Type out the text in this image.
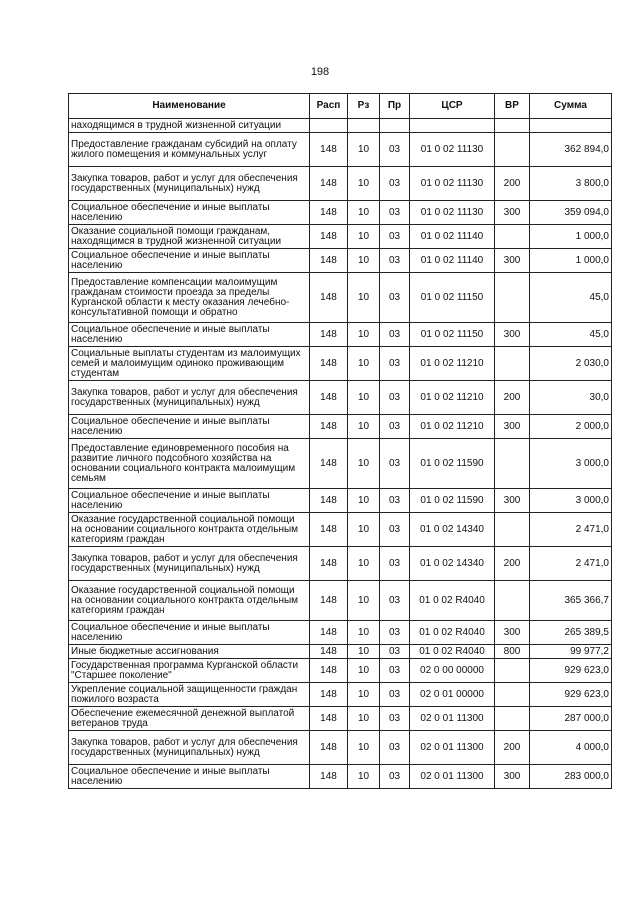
198
Наименование	Расп	Рз	Пр	ЦСР	ВР	Сумма
находящимся в трудной жизненной ситуации						
Предоставление гражданам субсидий на оплату жилого помещения и коммунальных услуг	148	10	03	01 0 02 11130		362 894,0
Закупка товаров, работ и услуг для обеспечения государственных (муниципальных) нужд	148	10	03	01 0 02 11130	200	3 800,0
Социальное обеспечение и иные выплаты населению	148	10	03	01 0 02 11130	300	359 094,0
Оказание социальной помощи гражданам, находящимся в трудной жизненной ситуации	148	10	03	01 0 02 11140		1 000,0
Социальное обеспечение и иные выплаты населению	148	10	03	01 0 02 11140	300	1 000,0
Предоставление компенсации малоимущим гражданам стоимости проезда за пределы Курганской области к месту оказания лечебно-консультативной помощи и обратно	148	10	03	01 0 02 11150		45,0
Социальное обеспечение и иные выплаты населению	148	10	03	01 0 02 11150	300	45,0
Социальные выплаты студентам из малоимущих семей и малоимущим одиноко проживающим студентам	148	10	03	01 0 02 11210		2 030,0
Закупка товаров, работ и услуг для обеспечения государственных (муниципальных) нужд	148	10	03	01 0 02 11210	200	30,0
Социальное обеспечение и иные выплаты населению	148	10	03	01 0 02 11210	300	2 000,0
Предоставление единовременного пособия на развитие личного подсобного хозяйства на основании социального контракта малоимущим семьям	148	10	03	01 0 02 11590		3 000,0
Социальное обеспечение и иные выплаты населению	148	10	03	01 0 02 11590	300	3 000,0
Оказание государственной социальной помощи на основании социального контракта отдельным категориям граждан	148	10	03	01 0 02 14340		2 471,0
Закупка товаров, работ и услуг для обеспечения государственных (муниципальных) нужд	148	10	03	01 0 02 14340	200	2 471,0
Оказание государственной социальной помощи на основании социального контракта отдельным категориям граждан	148	10	03	01 0 02 R4040		365 366,7
Социальное обеспечение и иные выплаты населению	148	10	03	01 0 02 R4040	300	265 389,5
Иные бюджетные ассигнования	148	10	03	01 0 02 R4040	800	99 977,2
Государственная программа Курганской области "Старшее поколение"	148	10	03	02 0 00 00000		929 623,0
Укрепление социальной защищенности граждан пожилого возраста	148	10	03	02 0 01 00000		929 623,0
Обеспечение ежемесячной денежной выплатой ветеранов труда	148	10	03	02 0 01 11300		287 000,0
Закупка товаров, работ и услуг для обеспечения государственных (муниципальных) нужд	148	10	03	02 0 01 11300	200	4 000,0
Социальное обеспечение и иные выплаты населению	148	10	03	02 0 01 11300	300	283 000,0
